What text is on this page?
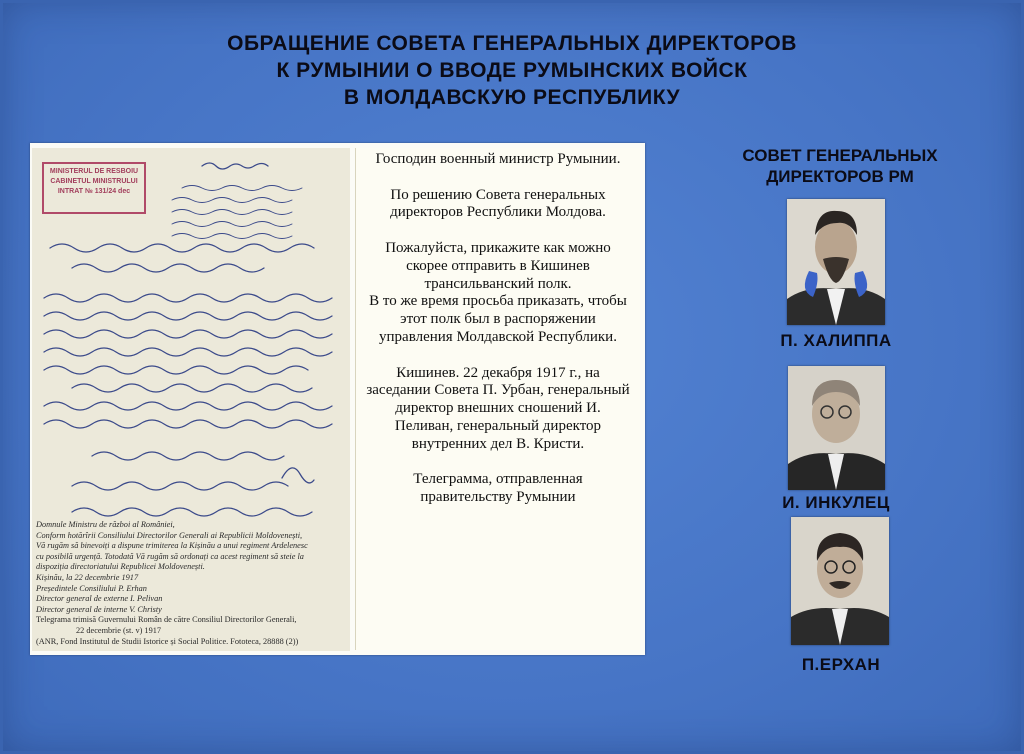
ОБРАЩЕНИЕ СОВЕТА ГЕНЕРАЛЬНЫХ ДИРЕКТОРОВ
К РУМЫНИИ О ВВОДЕ РУМЫНСКИХ ВОЙСК
В МОЛДАВСКУЮ РЕСПУБЛИКУ
MINISTERUL DE RESBOIU
CABINETUL MINISTRULUI
INTRAT № 131/24 dec
Domnule Ministru de război al României,
Conform hotărîrii Consiliului Directorilor Generali ai Republicii Moldovenești,
Vă rugăm să binevoiți a dispune trimiterea la Kișinău a unui regiment Ardelenesc
cu posibilă urgență. Totodată Vă rugăm să ordonați ca acest regiment să steie la
dispoziția directoriatului Republicei Moldovenești.
Kișinău, la 22 decembrie 1917
Președintele Consiliului P. Erhan
Director general de externe I. Pelivan
Director general de interne V. Christy
Telegrama trimisă Guvernului Român de către Consiliul Directorilor Generali,
22 decembrie (st. v) 1917
(ANR, Fond Institutul de Studii Istorice și Social Politice. Fototeca, 28888 (2))

Господин военный министр Румынии.

По решению Совета генеральных директоров Республики Молдова.

Пожалуйста, прикажите как можно скорее отправить в Кишинев трансильванский полк.

В то же время просьба приказать, чтобы этот полк был в распоряжении управления Молдавской Республики.

Кишинев. 22 декабря 1917 г., на заседании Совета П. Урбан, генеральный директор внешних сношений И. Пеливан, генеральный директор внутренних дел В. Кристи.

Телеграмма, отправленная правительству Румынии

СОВЕТ ГЕНЕРАЛЬНЫХ
ДИРЕКТОРОВ РМ
П. ХАЛИППА
И. ИНКУЛЕЦ
П.ЕРХАН
